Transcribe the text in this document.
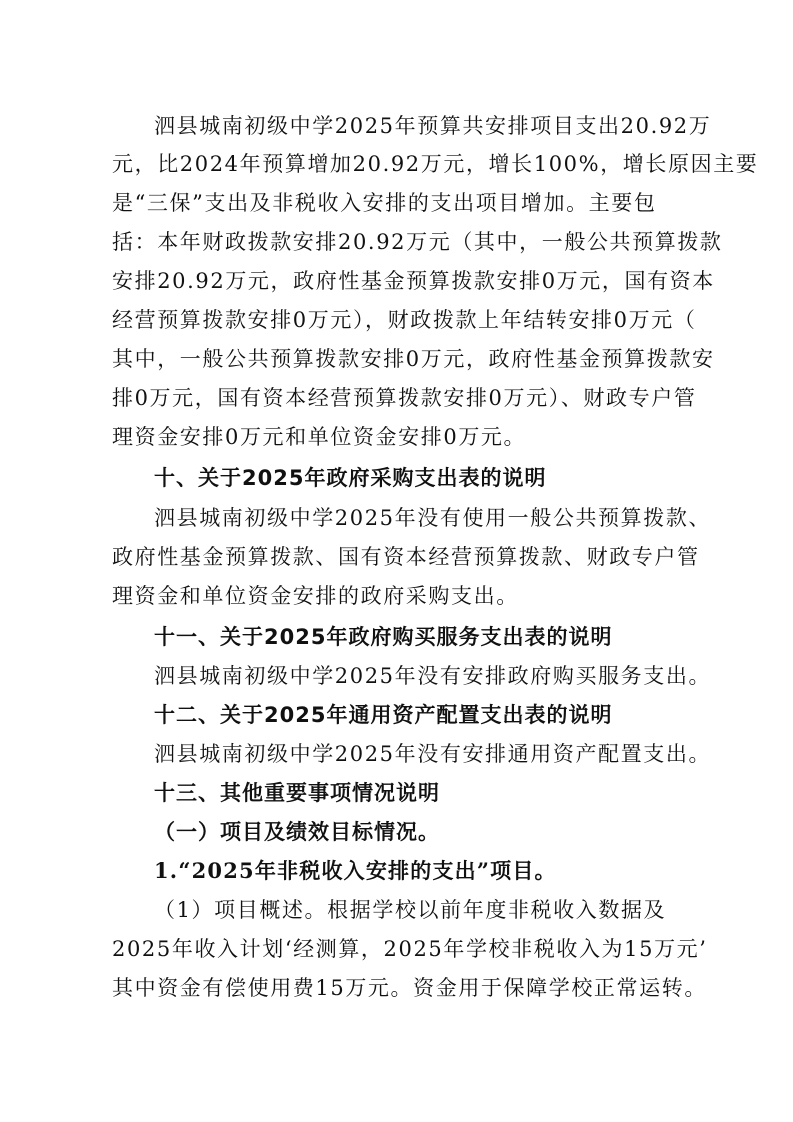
泗县城南初级中学2025年预算共安排项目支出20.92万

元，比2024年预算增加20.92万元，增长100%，增长原因主要

是“三保”支出及非税收入安排的支出项目增加。主要包

括：本年财政拨款安排20.92万元（其中，一般公共预算拨款

安排20.92万元，政府性基金预算拨款安排0万元，国有资本

经营预算拨款安排0万元），财政拨款上年结转安排0万元（

其中，一般公共预算拨款安排0万元，政府性基金预算拨款安

排0万元，国有资本经营预算拨款安排0万元）、财政专户管

理资金安排0万元和单位资金安排0万元。

十、关于2025年政府采购支出表的说明

泗县城南初级中学2025年没有使用一般公共预算拨款、

政府性基金预算拨款、国有资本经营预算拨款、财政专户管

理资金和单位资金安排的政府采购支出。

十一、关于2025年政府购买服务支出表的说明

泗县城南初级中学2025年没有安排政府购买服务支出。

十二、关于2025年通用资产配置支出表的说明

泗县城南初级中学2025年没有安排通用资产配置支出。

十三、其他重要事项情况说明

（一）项目及绩效目标情况。

1.“2025年非税收入安排的支出”项目。

（1）项目概述。根据学校以前年度非税收入数据及

2025年收入计划‘经测算，2025年学校非税收入为15万元’

其中资金有偿使用费15万元。资金用于保障学校正常运转。
